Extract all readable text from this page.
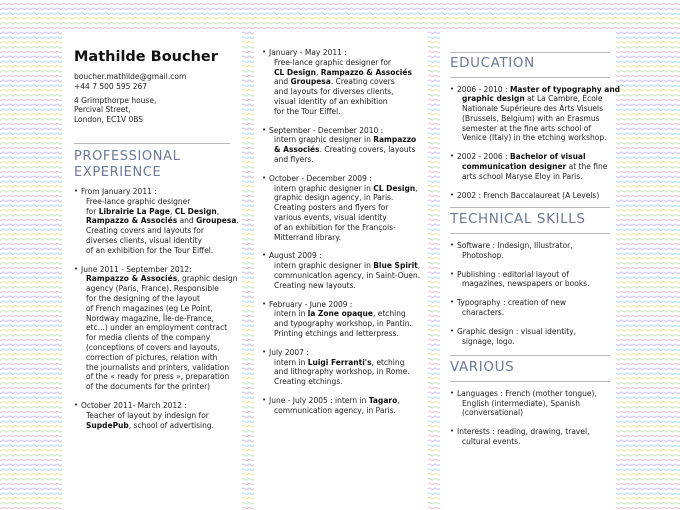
Mathilde Boucher
boucher.mathilde@gmail.com
+44 7 500 595 267
4 Grimpthorpe house,
Percival Street,
London, EC1V 0BS
PROFESSIONAL
EXPERIENCE
• From January 2011 :
Free-lance graphic designer
for Librairie La Page, CL Design,
Rampazzo & Associés and Groupesa.
Creating covers and layouts for
diverses clients, visual identity
of an exhibition for the Tour Eiffel.
• June 2011 - September 2012:
Rampazzo & Associés, graphic design
agency (Paris, France). Responsible
for the designing of the layout
of French magazines (eg Le Point,
Nordway magazine, Île-de-France,
etc...) under an employment contract
for media clients of the company
(conceptions of covers and layouts,
correction of pictures, relation with
the journalists and printers, validation
of the « ready for press », preparation
of the documents for the printer)
• October 2011- March 2012 :
Teacher of layout by indesign for
SupdePub, school of advertising.
• January - May 2011 :
Free-lance graphic designer for
CL Design, Rampazzo & Associés
and Groupesa. Creating covers
and layouts for diverses clients,
visual identity of an exhibition
for the Tour Eiffel.
• September - December 2010 :
intern graphic designer in Rampazzo
& Associés. Creating covers, layouts
and flyers.
• October - December 2009 :
intern graphic designer in CL Design,
graphic design agency, in Paris.
Creating posters and flyers for
various events, visual identity
of an exhibition for the François-
Mitterrand library.
• August 2009 :
intern graphic designer in Blue Spirit,
communication agency, in Saint-Ouen.
Creating new layouts.
• February - June 2009 :
intern in la Zone opaque, etching
and typography workshop, in Pantin.
Printing etchings and letterpress.
• July 2007 :
intern in Luigi Ferranti's, etching
and lithography workshop, in Rome.
Creating etchings.
• June - July 2005 : intern in Tagaro,
communication agency, in Paris.
EDUCATION
• 2006 - 2010 : Master of typography and
graphic design at La Cambre, École
Nationale Supérieure des Arts Visuels
(Brussels, Belgium) with an Erasmus
semester at the fine arts school of
Venice (Italy) in the etching workshop.
• 2002 - 2006 : Bachelor of visual
communication designer at the fine
arts school Maryse Eloy in Paris.
• 2002 : French Baccalaureat (A Levels)
TECHNICAL SKILLS
• Software : Indesign, Illustrator,
Photoshop.
• Publishing : editorial layout of
magazines, newspapers or books.
• Typography : creation of new
characters.
• Graphic design : visual identity,
signage, logo.
VARIOUS
• Languages : French (mother tongue),
English (intermediate), Spanish
(conversational)
• Interests : reading, drawing, travel,
cultural events.
